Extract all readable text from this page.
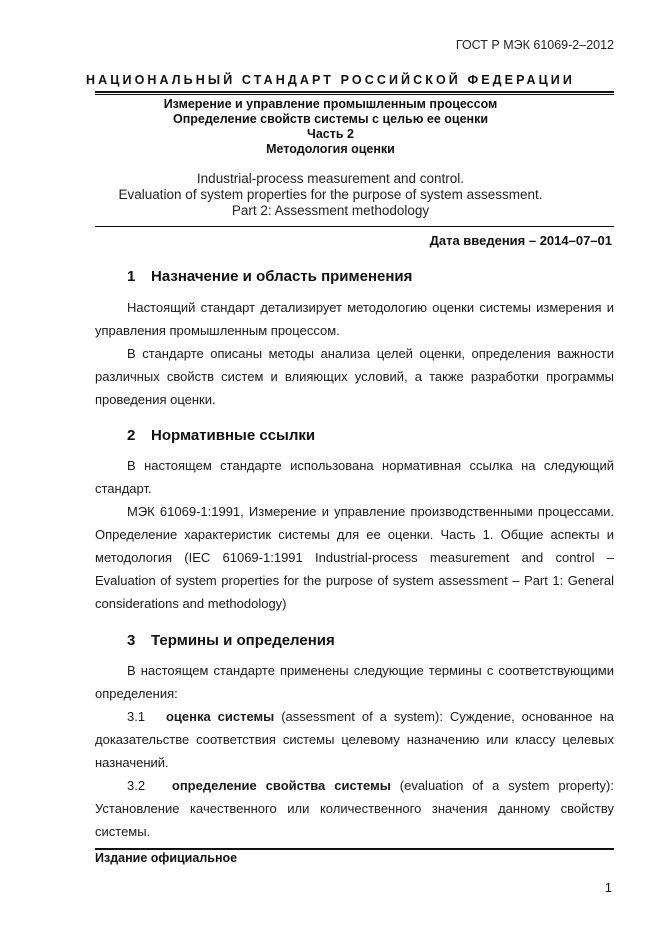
ГОСТ Р МЭК 61069-2–2012
НАЦИОНАЛЬНЫЙ СТАНДАРТ РОССИЙСКОЙ ФЕДЕРАЦИИ
Измерение и управление промышленным процессом
Определение свойств системы с целью ее оценки
Часть 2
Методология оценки
Industrial-process measurement and control.
Evaluation of system properties for the purpose of system assessment.
Part 2: Assessment methodology
Дата введения – 2014–07–01
1 Назначение и область применения
Настоящий стандарт детализирует методологию оценки системы измерения и управления промышленным процессом.
В стандарте описаны методы анализа целей оценки, определения важности различных свойств систем и влияющих условий, а также разработки программы проведения оценки.
2 Нормативные ссылки
В настоящем стандарте использована нормативная ссылка на следующий стандарт.
МЭК 61069-1:1991, Измерение и управление производственными процессами. Определение характеристик системы для ее оценки. Часть 1. Общие аспекты и методология (IEC 61069-1:1991 Industrial-process measurement and control – Evaluation of system properties for the purpose of system assessment – Part 1: General considerations and methodology)
3 Термины и определения
В настоящем стандарте применены следующие термины с соответствующими определения:
3.1 оценка системы (assessment of a system): Суждение, основанное на доказательстве соответствия системы целевому назначению или классу целевых назначений.
3.2 определение свойства системы (evaluation of a system property): Установление качественного или количественного значения данному свойству системы.
Издание официальное
1
